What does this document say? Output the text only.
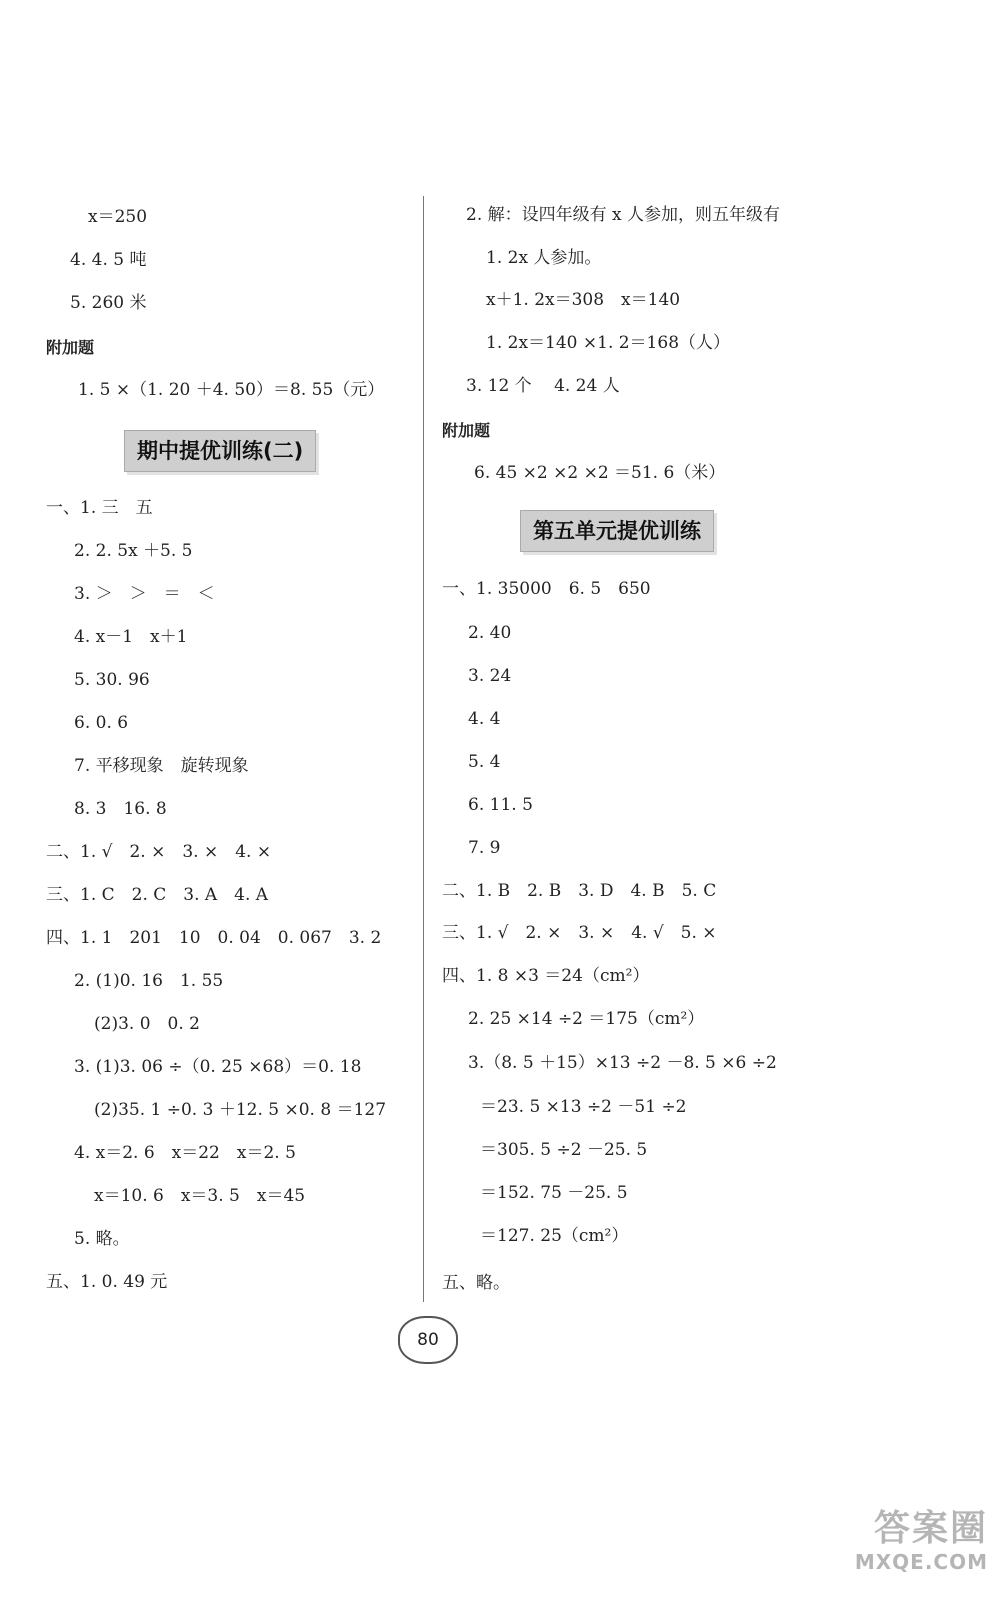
x＝250
4. 4. 5 吨
5. 260 米
附加题
1. 5 ×（1. 20 ＋4. 50）＝8. 55（元）
期中提优训练(二)
一、1. 三　五
2. 2. 5x ＋5. 5
3. ＞　＞　＝　＜
4. x－1　x＋1
5. 30. 96
6. 0. 6
7. 平移现象　旋转现象
8. 3　16. 8
二、1. √　2. ×　3. ×　4. ×
三、1. C　2. C　3. A　4. A
四、1. 1　201　10　0. 04　0. 067　3. 2
2. (1)0. 16　1. 55
(2)3. 0　0. 2
3. (1)3. 06 ÷（0. 25 ×68）＝0. 18
(2)35. 1 ÷0. 3 ＋12. 5 ×0. 8 ＝127
4. x＝2. 6　x＝22　x＝2. 5
x＝10. 6　x＝3. 5　x＝45
5. 略。
五、1. 0. 49 元
2. 解：设四年级有 x 人参加，则五年级有
1. 2x 人参加。
x＋1. 2x＝308　x＝140
1. 2x＝140 ×1. 2＝168（人）
3. 12 个　 4. 24 人
附加题
6. 45 ×2 ×2 ×2 ＝51. 6（米）
第五单元提优训练
一、1. 35000　6. 5　650
2. 40
3. 24
4. 4
5. 4
6. 11. 5
7. 9
二、1. B　2. B　3. D　4. B　5. C
三、1. √　2. ×　3. ×　4. √　5. ×
四、1. 8 ×3 ＝24（cm²）
2. 25 ×14 ÷2 ＝175（cm²）
3.（8. 5 ＋15）×13 ÷2 －8. 5 ×6 ÷2
＝23. 5 ×13 ÷2 －51 ÷2
＝305. 5 ÷2 －25. 5
＝152. 75 －25. 5
＝127. 25（cm²）
五、略。
80
答案圈
MXQE.COM
